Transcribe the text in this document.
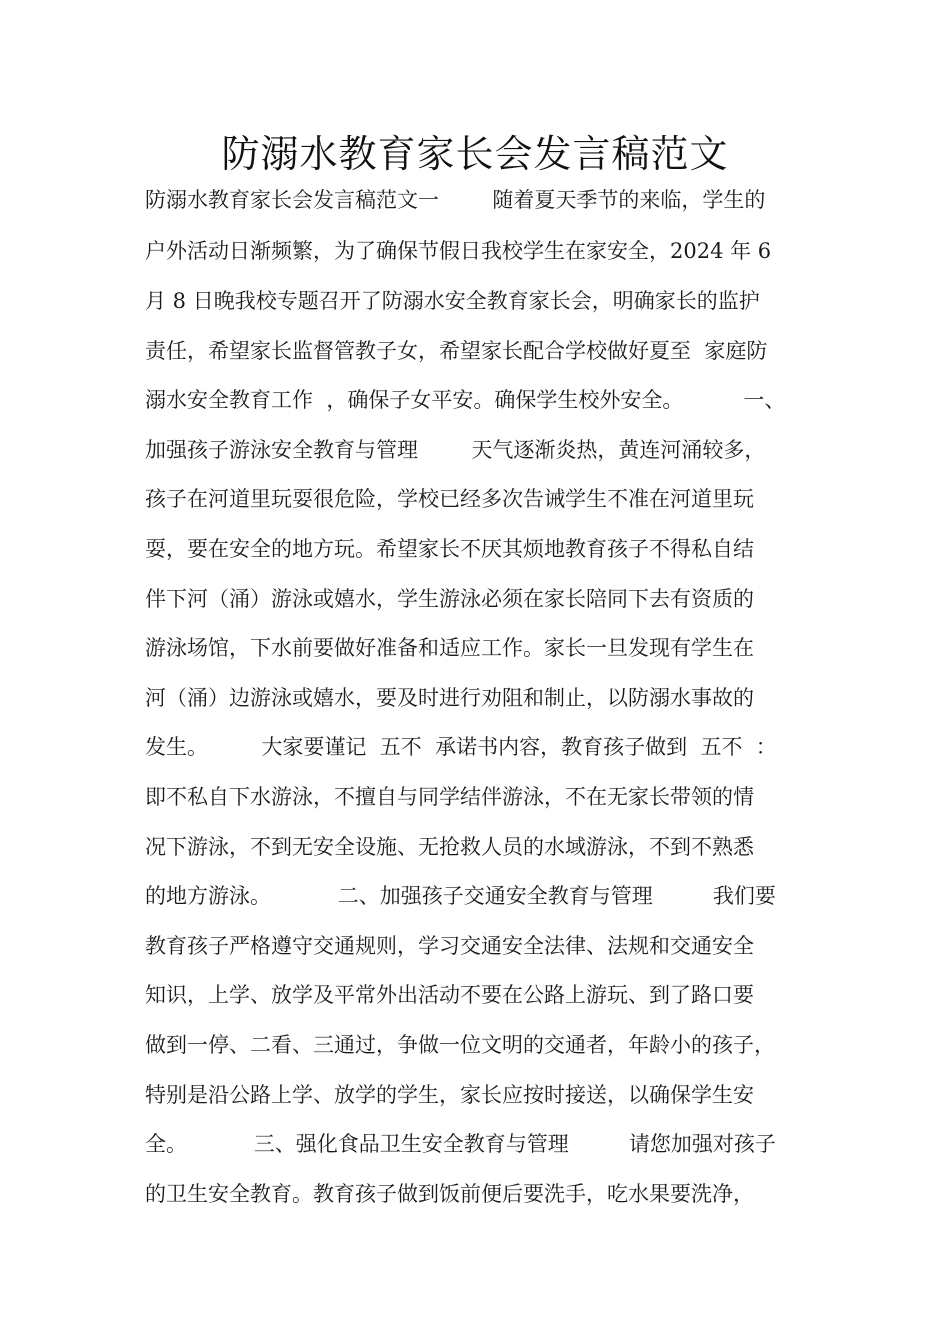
防溺水教育家长会发言稿范文

防溺水教育家长会发言稿范文一        随着夏天季节的来临，学生的

户外活动日渐频繁，为了确保节假日我校学生在家安全，2024 年 6

月 8 日晚我校专题召开了防溺水安全教育家长会，明确家长的监护

责任，希望家长监督管教子女，希望家长配合学校做好夏至  家庭防

溺水安全教育工作  ，确保子女平安。确保学生校外安全。         一、

加强孩子游泳安全教育与管理        天气逐渐炎热，黄连河涌较多，

孩子在河道里玩耍很危险，学校已经多次告诫学生不准在河道里玩

耍，要在安全的地方玩。希望家长不厌其烦地教育孩子不得私自结

伴下河（涌）游泳或嬉水，学生游泳必须在家长陪同下去有资质的

游泳场馆，下水前要做好准备和适应工作。家长一旦发现有学生在

河（涌）边游泳或嬉水，要及时进行劝阻和制止，以防溺水事故的

发生。        大家要谨记  五不  承诺书内容，教育孩子做到  五不  ：

即不私自下水游泳，不擅自与同学结伴游泳，不在无家长带领的情

况下游泳，不到无安全设施、无抢救人员的水域游泳，不到不熟悉

的地方游泳。          二、加强孩子交通安全教育与管理         我们要

教育孩子严格遵守交通规则，学习交通安全法律、法规和交通安全

知识，上学、放学及平常外出活动不要在公路上游玩、到了路口要

做到一停、二看、三通过，争做一位文明的交通者，年龄小的孩子，

特别是沿公路上学、放学的学生，家长应按时接送，以确保学生安

全。          三、强化食品卫生安全教育与管理         请您加强对孩子

的卫生安全教育。教育孩子做到饭前便后要洗手，吃水果要洗净，
